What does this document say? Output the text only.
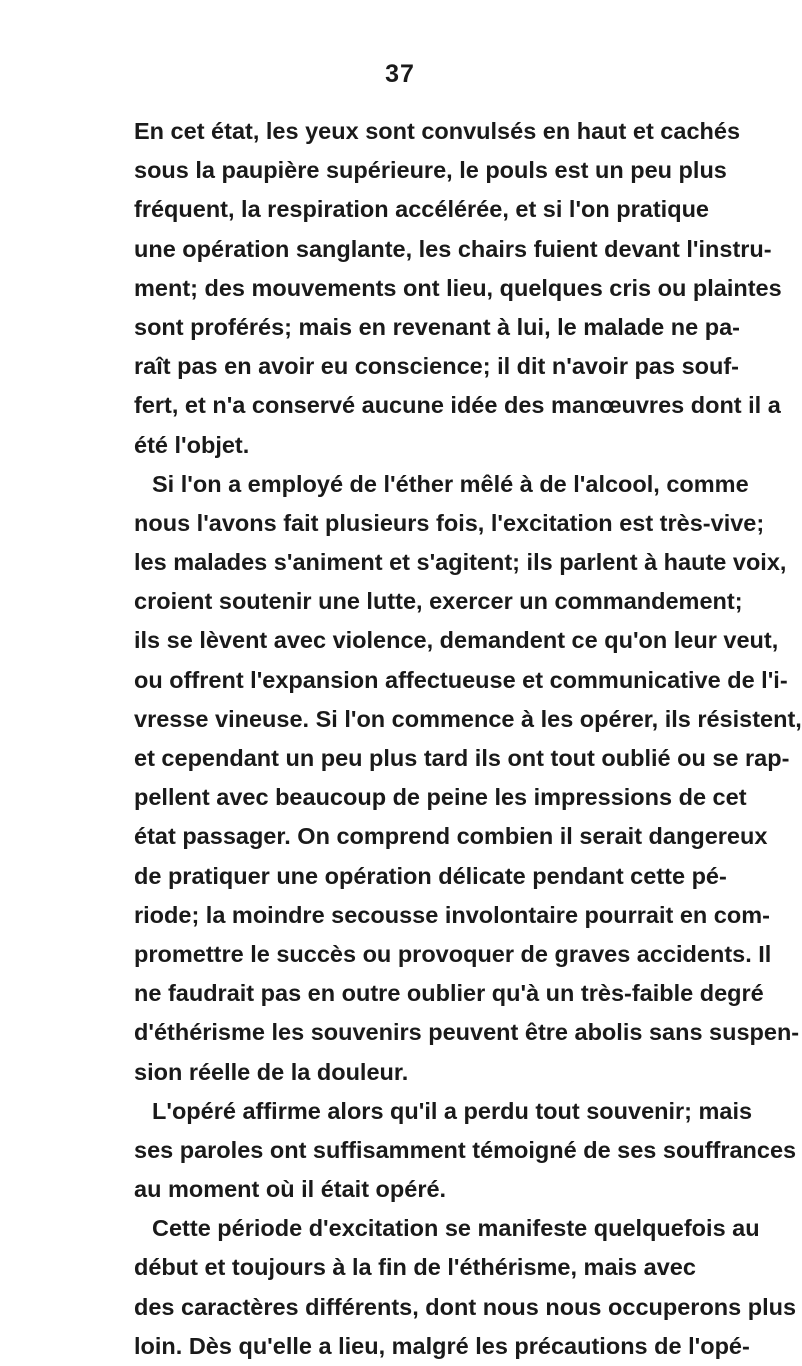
37
En cet état, les yeux sont convulsés en haut et cachés
sous la paupière supérieure, le pouls est un peu plus
fréquent, la respiration accélérée, et si l'on pratique
une opération sanglante, les chairs fuient devant l'instru-
ment; des mouvements ont lieu, quelques cris ou plaintes
sont proférés; mais en revenant à lui, le malade ne pa-
raît pas en avoir eu conscience; il dit n'avoir pas souf-
fert, et n'a conservé aucune idée des manœuvres dont il a
été l'objet.
Si l'on a employé de l'éther mêlé à de l'alcool, comme
nous l'avons fait plusieurs fois, l'excitation est très-vive;
les malades s'animent et s'agitent; ils parlent à haute voix,
croient soutenir une lutte, exercer un commandement;
ils se lèvent avec violence, demandent ce qu'on leur veut,
ou offrent l'expansion affectueuse et communicative de l'i-
vresse vineuse. Si l'on commence à les opérer, ils résistent,
et cependant un peu plus tard ils ont tout oublié ou se rap-
pellent avec beaucoup de peine les impressions de cet
état passager. On comprend combien il serait dangereux
de pratiquer une opération délicate pendant cette pé-
riode; la moindre secousse involontaire pourrait en com-
promettre le succès ou provoquer de graves accidents. Il
ne faudrait pas en outre oublier qu'à un très-faible degré
d'éthérisme les souvenirs peuvent être abolis sans suspen-
sion réelle de la douleur.
L'opéré affirme alors qu'il a perdu tout souvenir; mais
ses paroles ont suffisamment témoigné de ses souffrances
au moment où il était opéré.
Cette période d'excitation se manifeste quelquefois au
début et toujours à la fin de l'éthérisme, mais avec
des caractères différents, dont nous nous occuperons plus
loin. Dès qu'elle a lieu, malgré les précautions de l'opé-
